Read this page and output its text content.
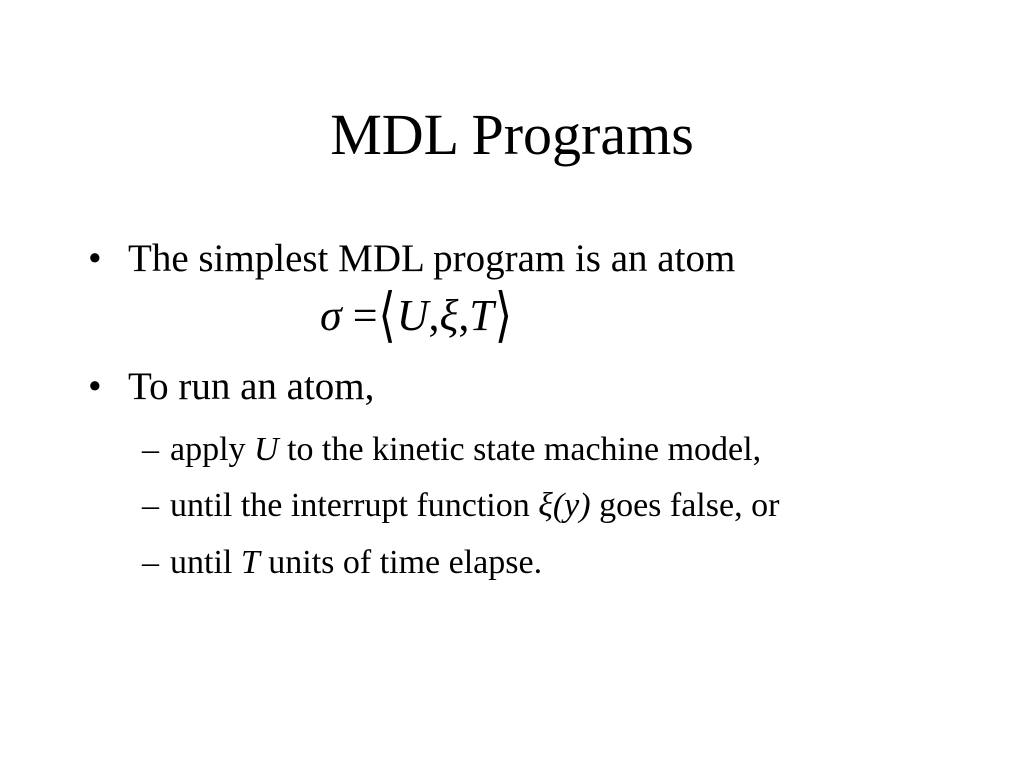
MDL Programs
• The simplest MDL program is an atom
σ =⟨U,ξ,T⟩
• To run an atom,
– apply U to the kinetic state machine model,
– until the interrupt function ξ(y) goes false, or
– until T units of time elapse.
